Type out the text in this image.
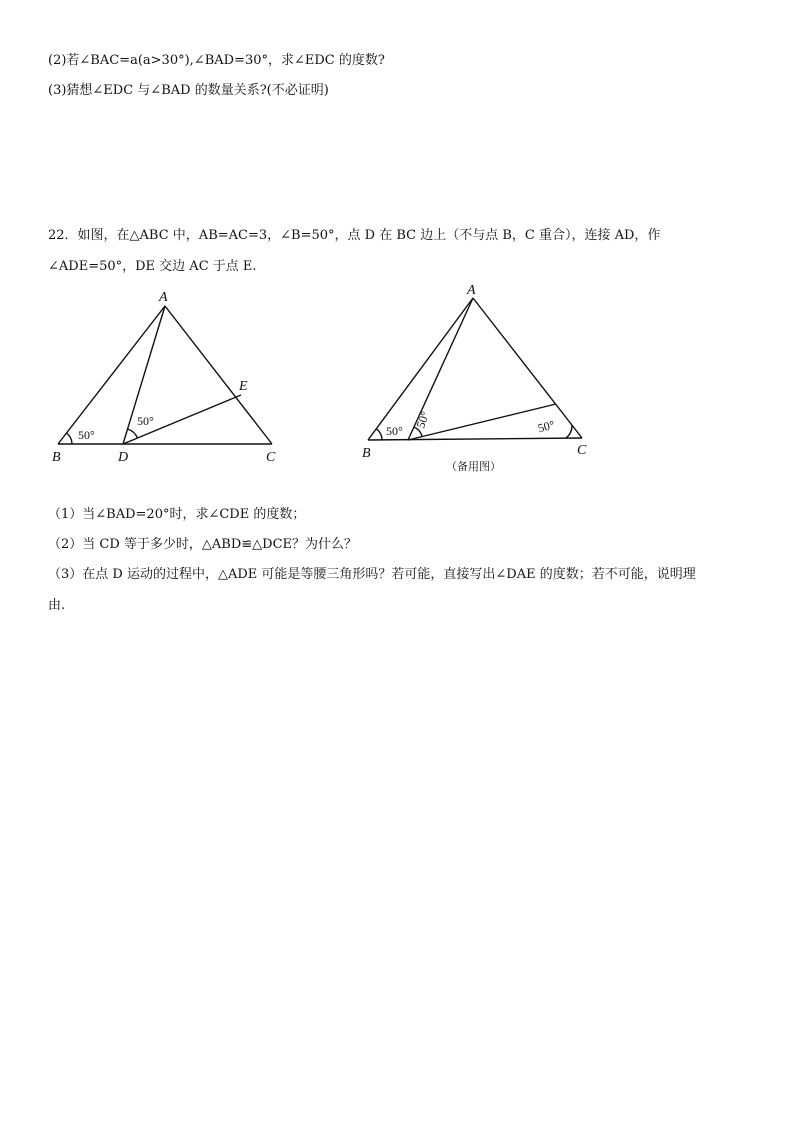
(2)若∠BAC=a(a>30°),∠BAD=30°，求∠EDC 的度数?
(3)猜想∠EDC 与∠BAD 的数量关系?(不必证明)
22．如图，在△ABC 中，AB=AC=3，∠B=50°，点 D 在 BC 边上（不与点 B，C 重合），连接 AD，作
∠ADE=50°，DE 交边 AC 于点 E.
A
B	D	C
E
50°
50°
A
B	C
50°
50°	50°
（备用图）
（1）当∠BAD=20°时，求∠CDE 的度数；
（2）当 CD 等于多少时，△ABD≌△DCE？为什么？
（3）在点 D 运动的过程中，△ADE 可能是等腰三角形吗？若可能，直接写出∠DAE 的度数；若不可能，说明理
由.
